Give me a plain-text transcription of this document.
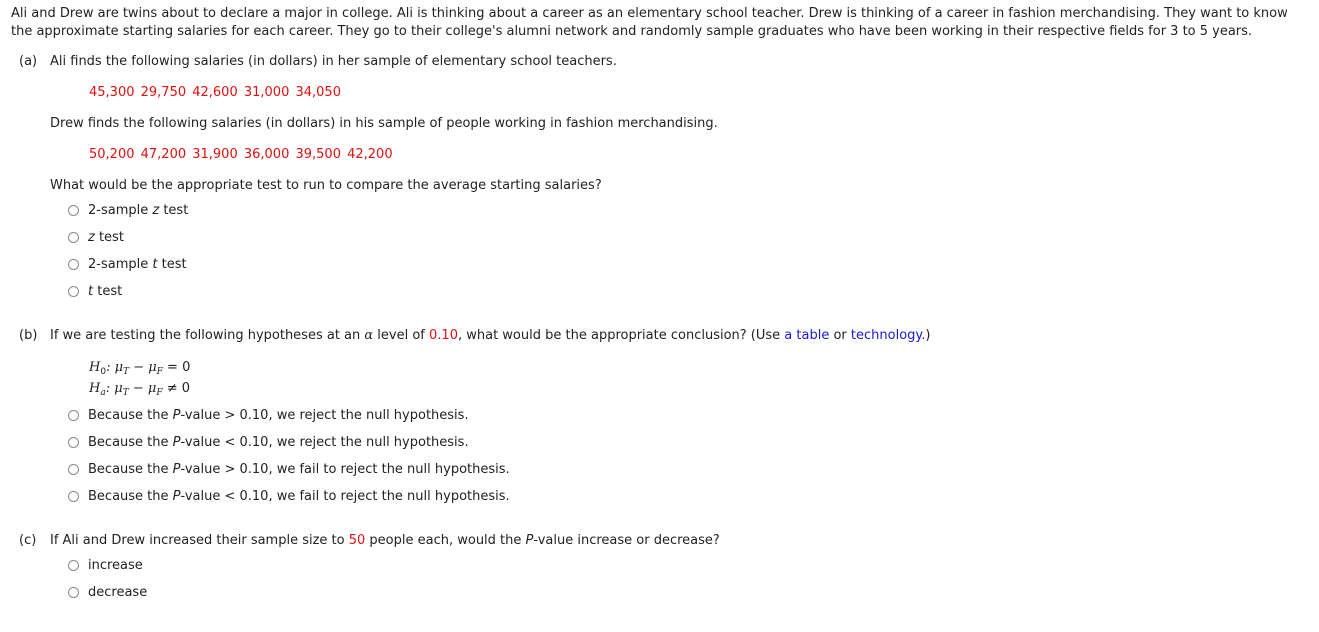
Ali and Drew are twins about to declare a major in college. Ali is thinking about a career as an elementary school teacher. Drew is thinking of a career in fashion merchandising. They want to know the approximate starting salaries for each career. They go to their college's alumni network and randomly sample graduates who have been working in their respective fields for 3 to 5 years.
(a) Ali finds the following salaries (in dollars) in her sample of elementary school teachers.
45,300 29,750 42,600 31,000 34,050
Drew finds the following salaries (in dollars) in his sample of people working in fashion merchandising.
50,200 47,200 31,900 36,000 39,500 42,200
What would be the appropriate test to run to compare the average starting salaries?
2-sample z test
z test
2-sample t test
t test
(b) If we are testing the following hypotheses at an α level of 0.10, what would be the appropriate conclusion? (Use a table or technology.)
$H_0$: $\mu_T - \mu_F = 0$
$H_a$: $\mu_T - \mu_F \ne 0$
Because the P-value > 0.10, we reject the null hypothesis.
Because the P-value < 0.10, we reject the null hypothesis.
Because the P-value > 0.10, we fail to reject the null hypothesis.
Because the P-value < 0.10, we fail to reject the null hypothesis.
(c) If Ali and Drew increased their sample size to 50 people each, would the P-value increase or decrease?
increase
decrease
